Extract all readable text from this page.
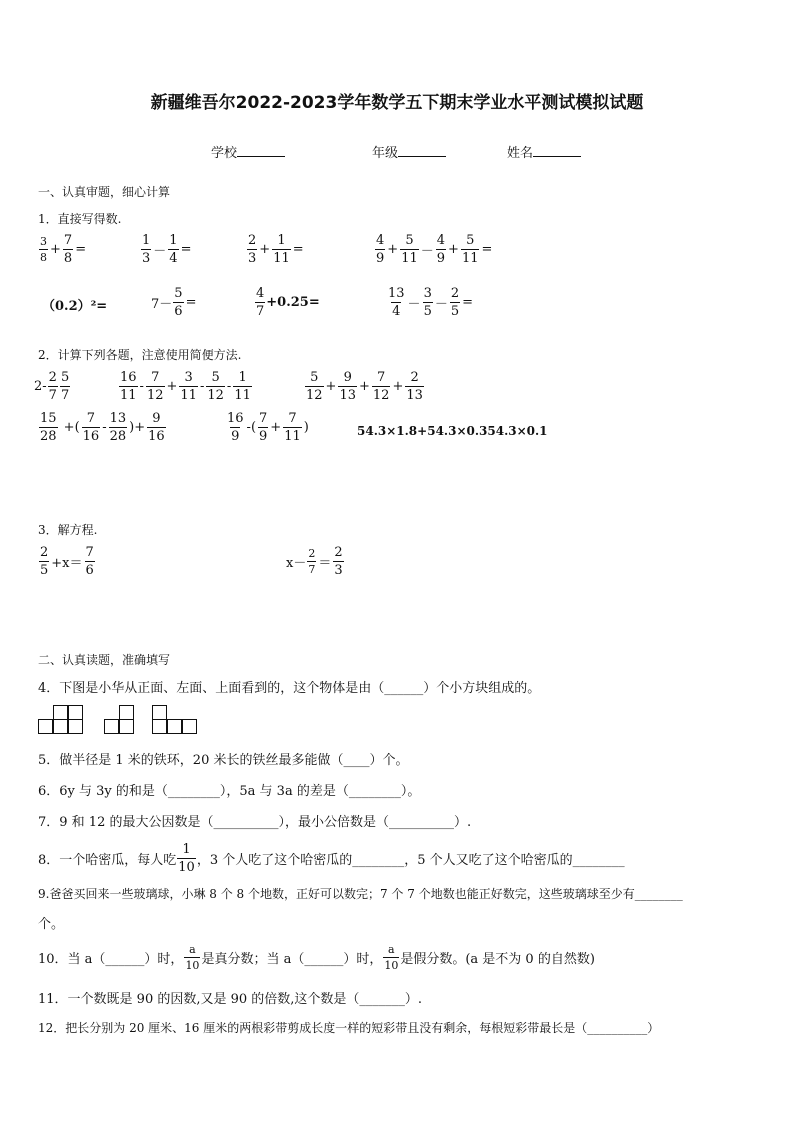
新疆维吾尔2022-2023学年数学五下期末学业水平测试模拟试题
学校	年级	姓名
一、认真审题，细心计算
1．直接写得数.
$\frac{3}{8} + \frac{7}{8}$ =	$\frac{1}{3} - \frac{1}{4}$ =	$\frac{2}{3} + \frac{1}{11}$ =	$\frac{4}{9} + \frac{5}{11} - \frac{4}{9} + \frac{5}{11}$ =
（0.2）²=	$7- \frac{5}{6}$ =	$\frac{4}{7} +0.25=$	$\frac{13}{4} - \frac{3}{5} - \frac{2}{5}$ =
2．计算下列各题，注意使用简便方法.
$2- \frac{2}{7} \frac{5}{7}$	$\frac{16}{11} - \frac{7}{12} + \frac{3}{11} - \frac{5}{12} - \frac{1}{11}$	$\frac{5}{12} + \frac{9}{13} + \frac{7}{12} + \frac{2}{13}$
$\frac{15}{28}$ +( $\frac{7}{16} - \frac{13}{28}$ )+ $\frac{9}{16}$	$\frac{16}{9}$ -( $\frac{7}{9} + \frac{7}{11}$ )	54.3×1.8+54.3×0.354.3×0.1
3．解方程.
$\frac{2}{5} +x= \frac{7}{6}$	$x- \frac{2}{7} = \frac{2}{3}$
二、认真读题，准确填写
4．下图是小华从正面、左面、上面看到的，这个物体是由（______）个小方块组成的。
5．做半径是 1 米的铁环，20 米长的铁丝最多能做（____）个。
6．6y 与 3y 的和是（________），5a 与 3a 的差是（________）。
7．9 和 12 的最大公因数是（__________），最小公倍数是（__________）.
8．一个哈密瓜，每人吃 $\frac{1}{10}$ ，3 个人吃了这个哈密瓜的________，5 个人又吃了这个哈密瓜的________
9.爸爸买回来一些玻璃球，小琳 8 个 8 个地数，正好可以数完；7 个 7 个地数也能正好数完，这些玻璃球至少有________
个。
10．当 a（______）时， $\frac{a}{10}$ 是真分数；当 a（______）时， $\frac{a}{10}$ 是假分数。(a 是不为 0 的自然数)
11．一个数既是 90 的因数,又是 90 的倍数,这个数是（_______）.
12．把长分别为 20 厘米、16 厘米的两根彩带剪成长度一样的短彩带且没有剩余，每根短彩带最长是（__________）
